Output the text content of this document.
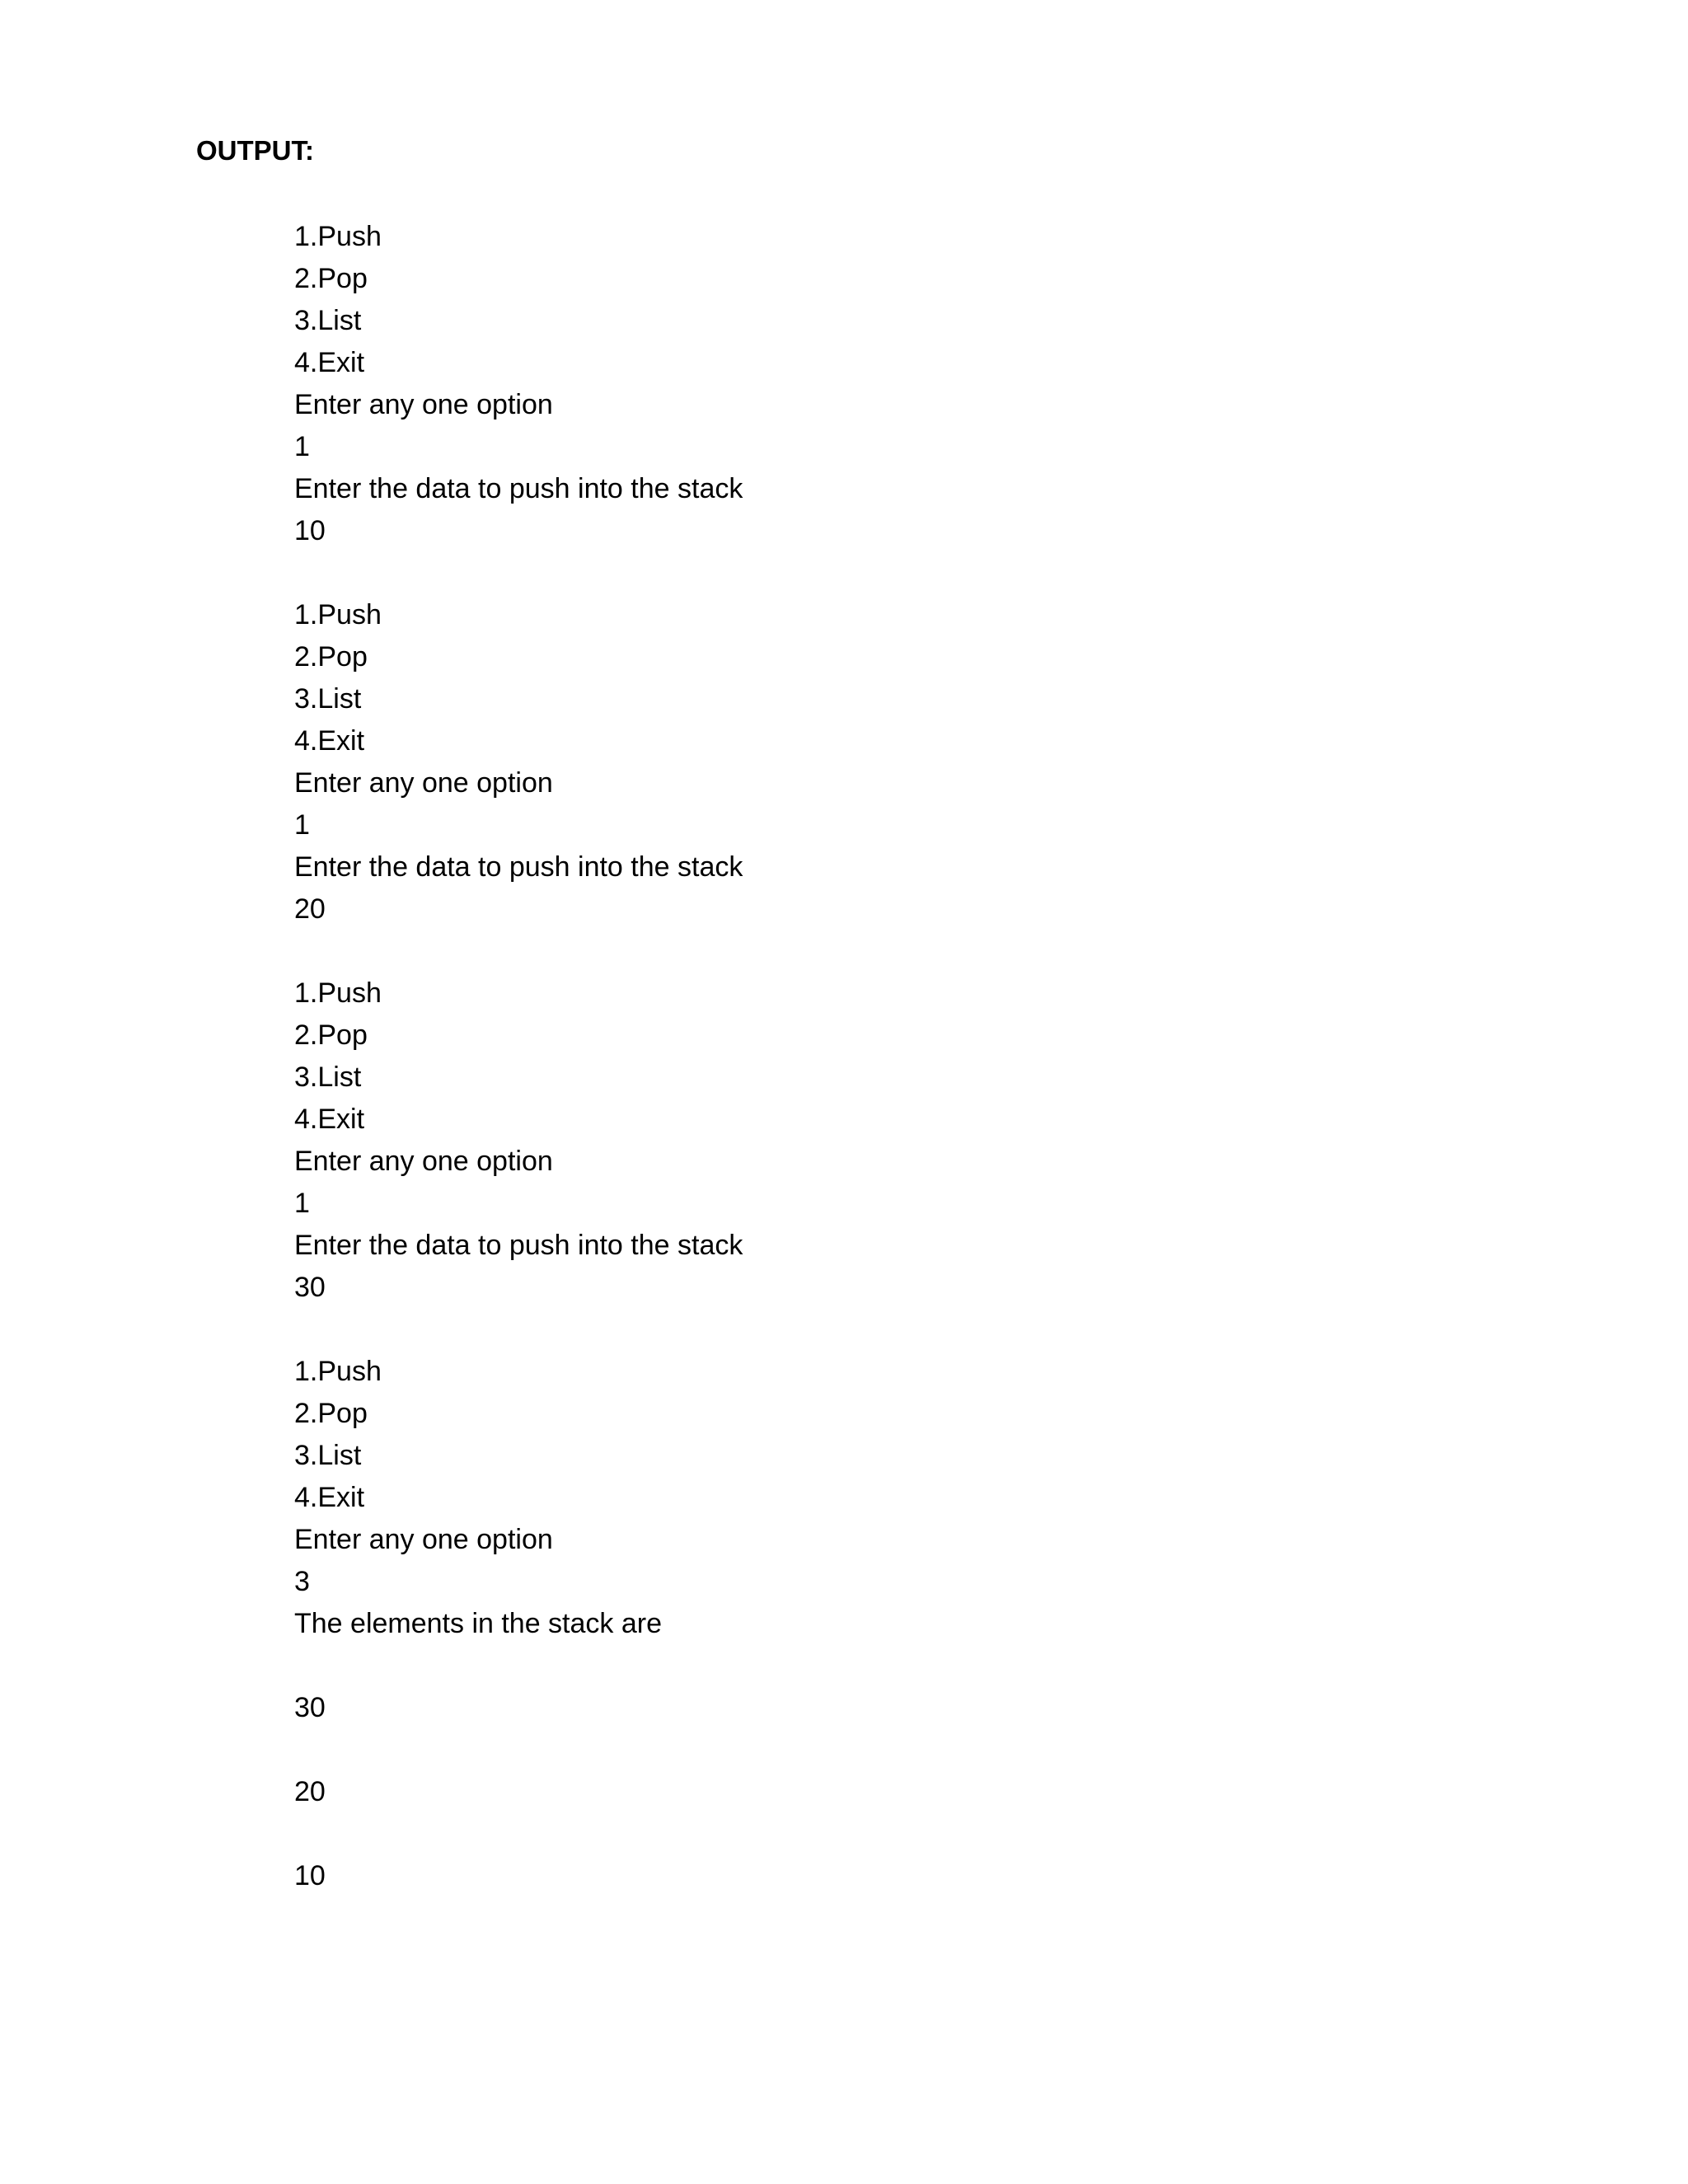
OUTPUT:
1.Push
2.Pop
3.List
4.Exit
Enter any one option
1
Enter the data to push into the stack
10
1.Push
2.Pop
3.List
4.Exit
Enter any one option
1
Enter the data to push into the stack
20
1.Push
2.Pop
3.List
4.Exit
Enter any one option
1
Enter the data to push into the stack
30
1.Push
2.Pop
3.List
4.Exit
Enter any one option
3
The elements in the stack are
30
20
10
